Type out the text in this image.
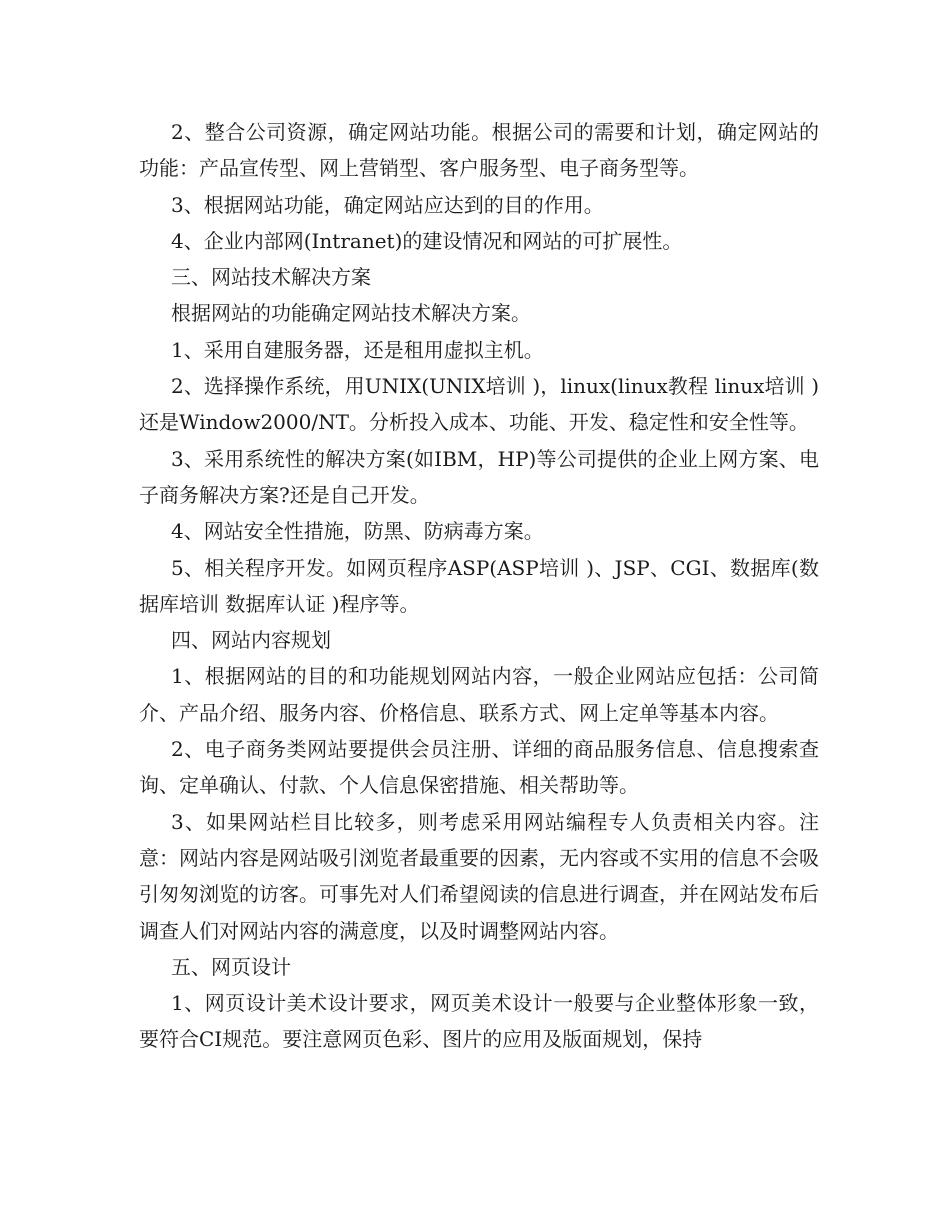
2、整合公司资源，确定网站功能。根据公司的需要和计划，确定网站的功能：产品宣传型、网上营销型、客户服务型、电子商务型等。

3、根据网站功能，确定网站应达到的目的作用。

4、企业内部网(Intranet)的建设情况和网站的可扩展性。

三、网站技术解决方案

根据网站的功能确定网站技术解决方案。

1、采用自建服务器，还是租用虚拟主机。

2、选择操作系统，用UNIX(UNIX培训 )，linux(linux教程 linux培训 )还是Window2000/NT。分析投入成本、功能、开发、稳定性和安全性等。

3、采用系统性的解决方案(如IBM，HP)等公司提供的企业上网方案、电子商务解决方案?还是自己开发。

4、网站安全性措施，防黑、防病毒方案。

5、相关程序开发。如网页程序ASP(ASP培训 )、JSP、CGI、数据库(数据库培训 数据库认证 )程序等。

四、网站内容规划

1、根据网站的目的和功能规划网站内容，一般企业网站应包括：公司简介、产品介绍、服务内容、价格信息、联系方式、网上定单等基本内容。

2、电子商务类网站要提供会员注册、详细的商品服务信息、信息搜索查询、定单确认、付款、个人信息保密措施、相关帮助等。

3、如果网站栏目比较多，则考虑采用网站编程专人负责相关内容。注意：网站内容是网站吸引浏览者最重要的因素，无内容或不实用的信息不会吸引匆匆浏览的访客。可事先对人们希望阅读的信息进行调查，并在网站发布后调查人们对网站内容的满意度，以及时调整网站内容。

五、网页设计

1、网页设计美术设计要求，网页美术设计一般要与企业整体形象一致，要符合CI规范。要注意网页色彩、图片的应用及版面规划，保持
